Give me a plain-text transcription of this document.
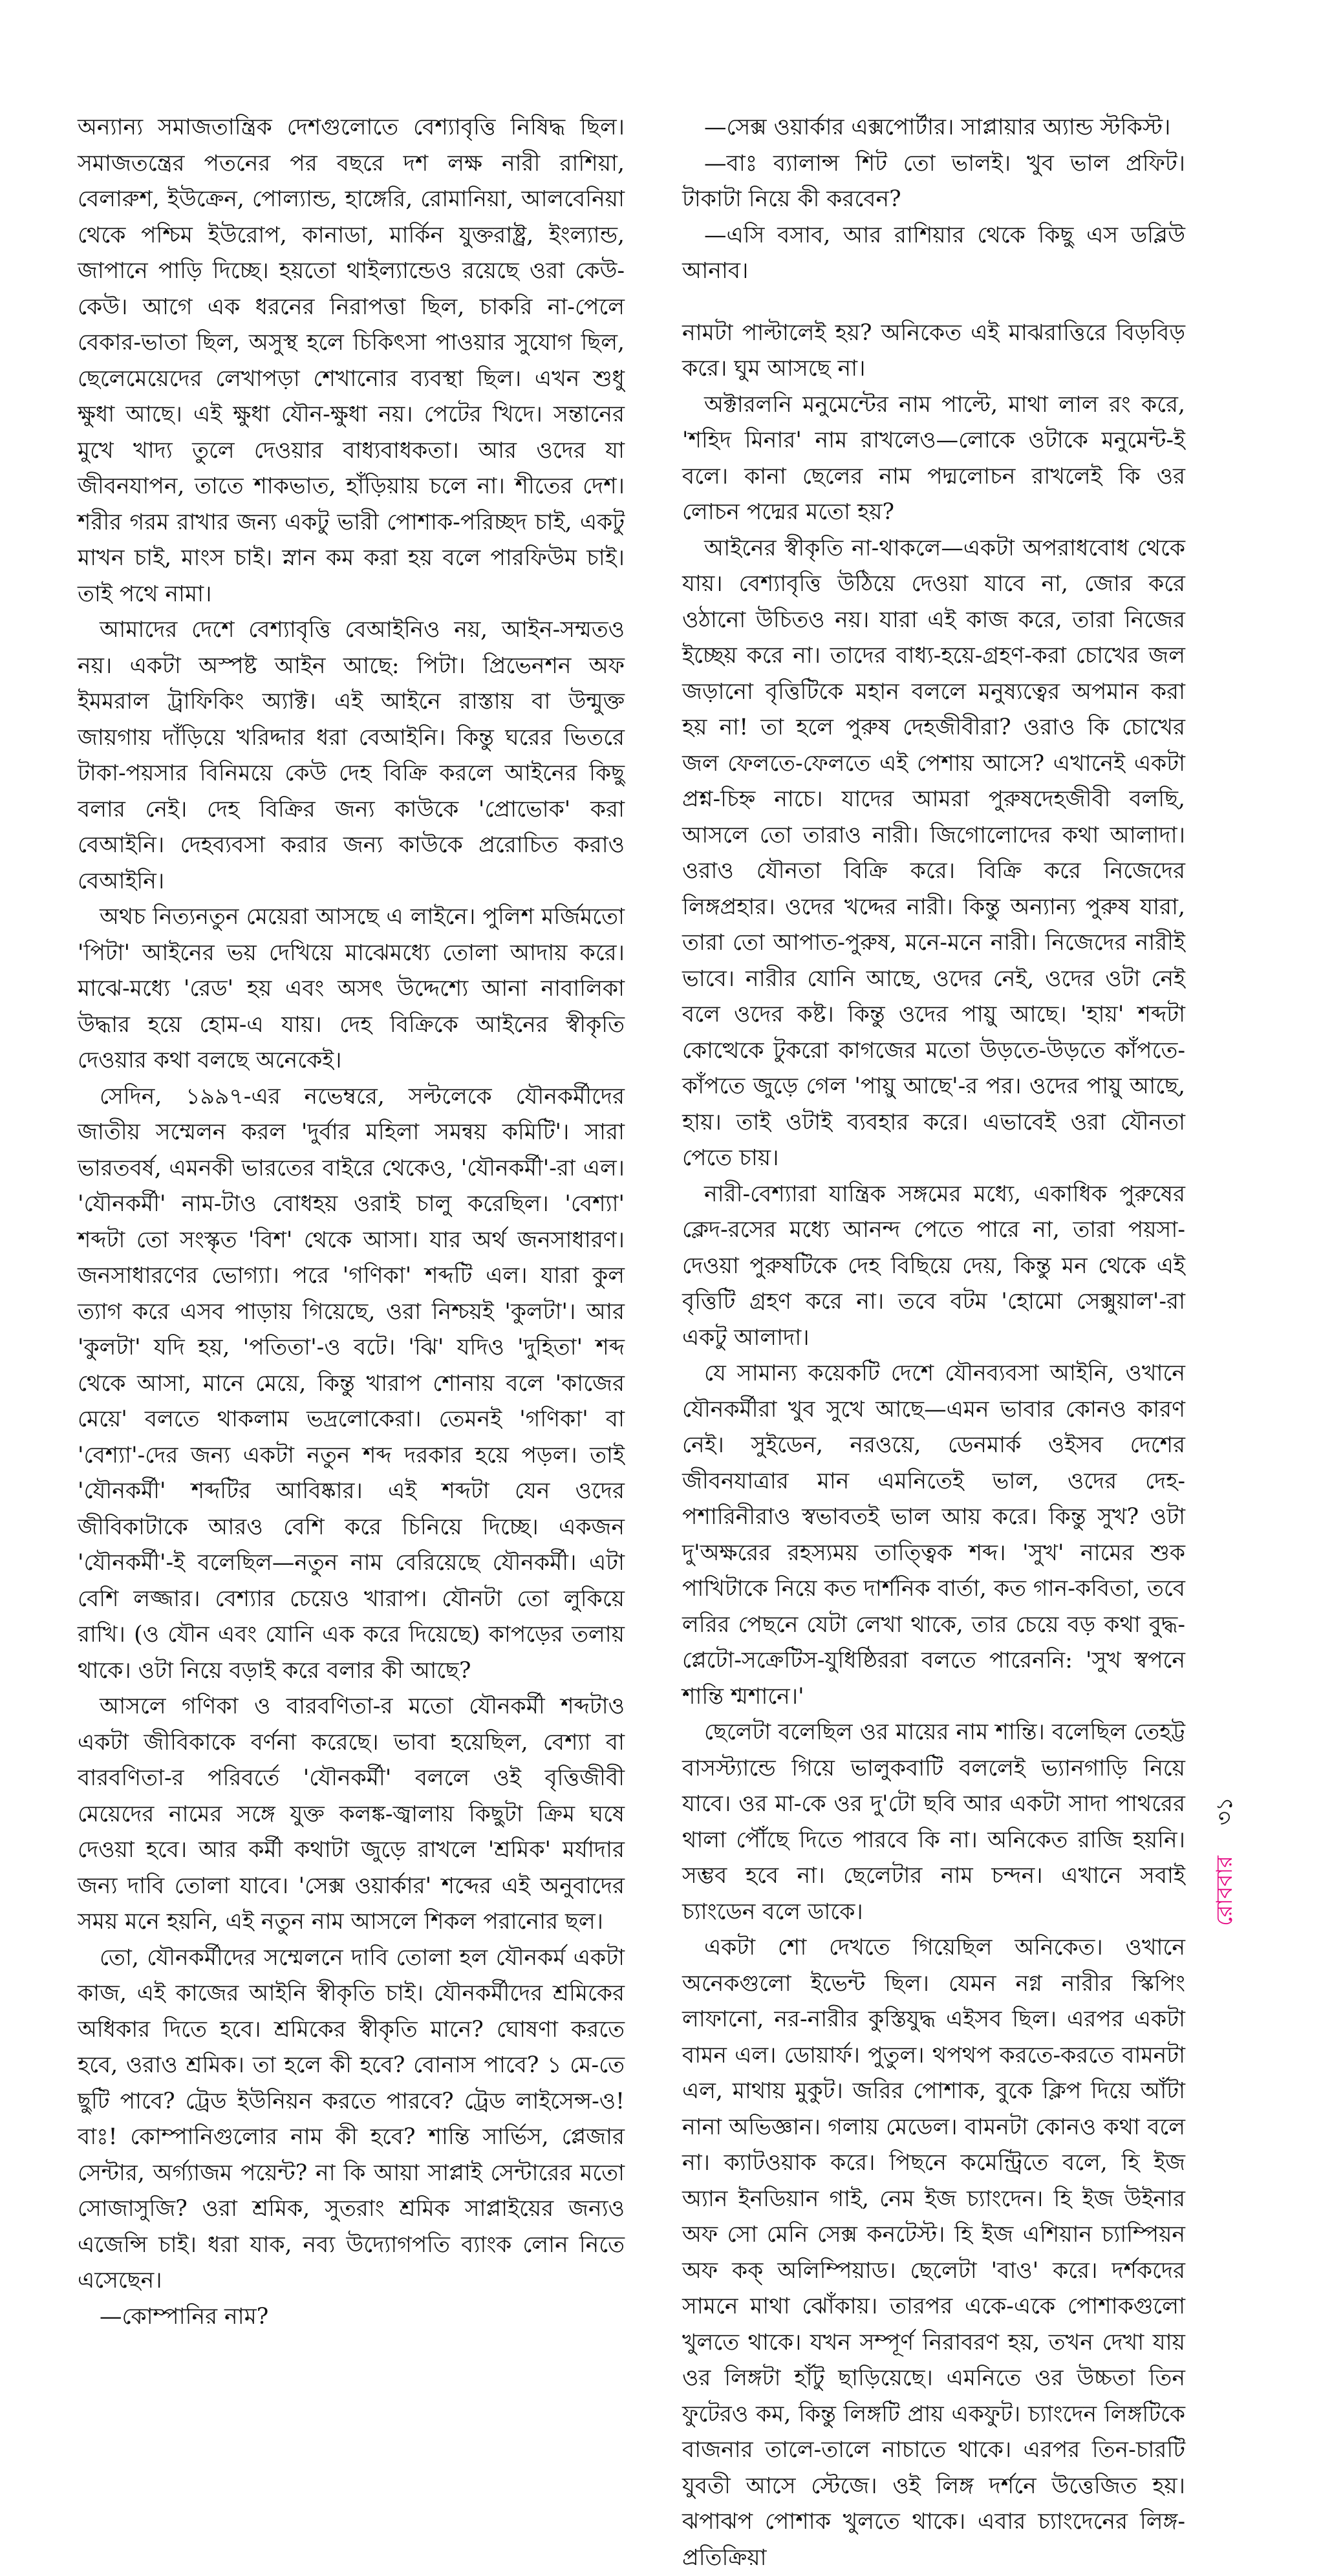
অন্যান্য সমাজতান্ত্রিক দেশগুলোতে বেশ্যাবৃত্তি নিষিদ্ধ ছিল। সমাজতন্ত্রের পতনের পর বছরে দশ লক্ষ নারী রাশিয়া, বেলারুশ, ইউক্রেন, পোল্যান্ড, হাঙ্গেরি, রোমানিয়া, আলবেনিয়া থেকে পশ্চিম ইউরোপ, কানাডা, মার্কিন যুক্তরাষ্ট্র, ইংল্যান্ড, জাপানে পাড়ি দিচ্ছে। হয়তো থাইল্যান্ডেও রয়েছে ওরা কেউ-কেউ। আগে এক ধরনের নিরাপত্তা ছিল, চাকরি না-পেলে বেকার-ভাতা ছিল, অসুস্থ হলে চিকিৎসা পাওয়ার সুযোগ ছিল, ছেলেমেয়েদের লেখাপড়া শেখানোর ব্যবস্থা ছিল। এখন শুধু ক্ষুধা আছে। এই ক্ষুধা যৌন-ক্ষুধা নয়। পেটের খিদে। সন্তানের মুখে খাদ্য তুলে দেওয়ার বাধ্যবাধকতা। আর ওদের যা জীবনযাপন, তাতে শাকভাত, হাঁড়িয়ায় চলে না। শীতের দেশ। শরীর গরম রাখার জন্য একটু ভারী পোশাক-পরিচ্ছদ চাই, একটু মাখন চাই, মাংস চাই। স্নান কম করা হয় বলে পারফিউম চাই। তাই পথে নামা।

আমাদের দেশে বেশ্যাবৃত্তি বেআইনিও নয়, আইন-সম্মতও নয়। একটা অস্পষ্ট আইন আছে: পিটা। প্রিভেনশন অফ ইমমরাল ট্রাফিকিং অ্যাক্ট। এই আইনে রাস্তায় বা উন্মুক্ত জায়গায় দাঁড়িয়ে খরিদ্দার ধরা বেআইনি। কিন্তু ঘরের ভিতরে টাকা-পয়সার বিনিময়ে কেউ দেহ বিক্রি করলে আইনের কিছু বলার নেই। দেহ বিক্রির জন্য কাউকে 'প্রোভোক' করা বেআইনি। দেহব্যবসা করার জন্য কাউকে প্ররোচিত করাও বেআইনি।

অথচ নিত্যনতুন মেয়েরা আসছে এ লাইনে। পুলিশ মর্জিমতো 'পিটা' আইনের ভয় দেখিয়ে মাঝেমধ্যে তোলা আদায় করে। মাঝে-মধ্যে 'রেড' হয় এবং অসৎ উদ্দেশ্যে আনা নাবালিকা উদ্ধার হয়ে হোম-এ যায়। দেহ বিক্রিকে আইনের স্বীকৃতি দেওয়ার কথা বলছে অনেকেই।

সেদিন, ১৯৯৭-এর নভেম্বরে, সল্টলেকে যৌনকর্মীদের জাতীয় সম্মেলন করল 'দুর্বার মহিলা সমন্বয় কমিটি'। সারা ভারতবর্ষ, এমনকী ভারতের বাইরে থেকেও, 'যৌনকর্মী'-রা এল। 'যৌনকর্মী' নাম-টাও বোধহয় ওরাই চালু করেছিল। 'বেশ্যা' শব্দটা তো সংস্কৃত 'বিশ' থেকে আসা। যার অর্থ জনসাধারণ। জনসাধারণের ভোগ্যা। পরে 'গণিকা' শব্দটি এল। যারা কুল ত্যাগ করে এসব পাড়ায় গিয়েছে, ওরা নিশ্চয়ই 'কুলটা'। আর 'কুলটা' যদি হয়, 'পতিতা'-ও বটে। 'ঝি' যদিও 'দুহিতা' শব্দ থেকে আসা, মানে মেয়ে, কিন্তু খারাপ শোনায় বলে 'কাজের মেয়ে' বলতে থাকলাম ভদ্রলোকেরা। তেমনই 'গণিকা' বা 'বেশ্যা'-দের জন্য একটা নতুন শব্দ দরকার হয়ে পড়ল। তাই 'যৌনকর্মী' শব্দটির আবিষ্কার। এই শব্দটা যেন ওদের জীবিকাটাকে আরও বেশি করে চিনিয়ে দিচ্ছে। একজন 'যৌনকর্মী'-ই বলেছিল—নতুন নাম বেরিয়েছে যৌনকর্মী। এটা বেশি লজ্জার। বেশ্যার চেয়েও খারাপ। যৌনটা তো লুকিয়ে রাখি। (ও যৌন এবং যোনি এক করে দিয়েছে) কাপড়ের তলায় থাকে। ওটা নিয়ে বড়াই করে বলার কী আছে?

আসলে গণিকা ও বারবণিতা-র মতো যৌনকর্মী শব্দটাও একটা জীবিকাকে বর্ণনা করেছে। ভাবা হয়েছিল, বেশ্যা বা বারবণিতা-র পরিবর্তে 'যৌনকর্মী' বললে ওই বৃত্তিজীবী মেয়েদের নামের সঙ্গে যুক্ত কলঙ্ক-জ্বালায় কিছুটা ক্রিম ঘষে দেওয়া হবে। আর কর্মী কথাটা জুড়ে রাখলে 'শ্রমিক' মর্যাদার জন্য দাবি তোলা যাবে। 'সেক্স ওয়ার্কার' শব্দের এই অনুবাদের সময় মনে হয়নি, এই নতুন নাম আসলে শিকল পরানোর ছল।

তো, যৌনকর্মীদের সম্মেলনে দাবি তোলা হল যৌনকর্ম একটা কাজ, এই কাজের আইনি স্বীকৃতি চাই। যৌনকর্মীদের শ্রমিকের অধিকার দিতে হবে। শ্রমিকের স্বীকৃতি মানে? ঘোষণা করতে হবে, ওরাও শ্রমিক। তা হলে কী হবে? বোনাস পাবে? ১ মে-তে ছুটি পাবে? ট্রেড ইউনিয়ন করতে পারবে? ট্রেড লাইসেন্স-ও! বাঃ! কোম্পানিগুলোর নাম কী হবে? শান্তি সার্ভিস, প্লেজার সেন্টার, অর্গ্যাজম পয়েন্ট? না কি আয়া সাপ্লাই সেন্টারের মতো সোজাসুজি? ওরা শ্রমিক, সুতরাং শ্রমিক সাপ্লাইয়ের জন্যও এজেন্সি চাই। ধরা যাক, নব্য উদ্যোগপতি ব্যাংক লোন নিতে এসেছেন।

—কোম্পানির নাম?

—সেক্স ওয়ার্কার এক্সপোর্টার। সাপ্লায়ার অ্যান্ড স্টকিস্ট।

—বাঃ ব্যালান্স শিট তো ভালই। খুব ভাল প্রফিট। টাকাটা নিয়ে কী করবেন?

—এসি বসাব, আর রাশিয়ার থেকে কিছু এস ডব্লিউ আনাব।

নামটা পাল্টালেই হয়? অনিকেত এই মাঝরাত্তিরে বিড়বিড় করে। ঘুম আসছে না।

অক্টারলনি মনুমেন্টের নাম পাল্টে, মাথা লাল রং করে, 'শহিদ মিনার' নাম রাখলেও—লোকে ওটাকে মনুমেন্ট-ই বলে। কানা ছেলের নাম পদ্মলোচন রাখলেই কি ওর লোচন পদ্মের মতো হয়?

আইনের স্বীকৃতি না-থাকলে—একটা অপরাধবোধ থেকে যায়। বেশ্যাবৃত্তি উঠিয়ে দেওয়া যাবে না, জোর করে ওঠানো উচিতও নয়। যারা এই কাজ করে, তারা নিজের ইচ্ছেয় করে না। তাদের বাধ্য-হয়ে-গ্রহণ-করা চোখের জল জড়ানো বৃত্তিটিকে মহান বললে মনুষ্যত্বের অপমান করা হয় না! তা হলে পুরুষ দেহজীবীরা? ওরাও কি চোখের জল ফেলতে-ফেলতে এই পেশায় আসে? এখানেই একটা প্রশ্ন-চিহ্ন নাচে। যাদের আমরা পুরুষদেহজীবী বলছি, আসলে তো তারাও নারী। জিগোলোদের কথা আলাদা। ওরাও যৌনতা বিক্রি করে। বিক্রি করে নিজেদের লিঙ্গপ্রহার। ওদের খদ্দের নারী। কিন্তু অন্যান্য পুরুষ যারা, তারা তো আপাত-পুরুষ, মনে-মনে নারী। নিজেদের নারীই ভাবে। নারীর যোনি আছে, ওদের নেই, ওদের ওটা নেই বলে ওদের কষ্ট। কিন্তু ওদের পায়ু আছে। 'হায়' শব্দটা কোত্থেকে টুকরো কাগজের মতো উড়তে-উড়তে কাঁপতে-কাঁপতে জুড়ে গেল 'পায়ু আছে'-র পর। ওদের পায়ু আছে, হায়। তাই ওটাই ব্যবহার করে। এভাবেই ওরা যৌনতা পেতে চায়।

নারী-বেশ্যারা যান্ত্রিক সঙ্গমের মধ্যে, একাধিক পুরুষের ক্লেদ-রসের মধ্যে আনন্দ পেতে পারে না, তারা পয়সা-দেওয়া পুরুষটিকে দেহ বিছিয়ে দেয়, কিন্তু মন থেকে এই বৃত্তিটি গ্রহণ করে না। তবে বটম 'হোমো সেক্সুয়াল'-রা একটু আলাদা।

যে সামান্য কয়েকটি দেশে যৌনব্যবসা আইনি, ওখানে যৌনকর্মীরা খুব সুখে আছে—এমন ভাবার কোনও কারণ নেই। সুইডেন, নরওয়ে, ডেনমার্ক ওইসব দেশের জীবনযাত্রার মান এমনিতেই ভাল, ওদের দেহ-পশারিনীরাও স্বভাবতই ভাল আয় করে। কিন্তু সুখ? ওটা দু'অক্ষরের রহস্যময় তাত্ত্বিক শব্দ। 'সুখ' নামের শুক পাখিটাকে নিয়ে কত দার্শনিক বার্তা, কত গান-কবিতা, তবে লরির পেছনে যেটা লেখা থাকে, তার চেয়ে বড় কথা বুদ্ধ-প্লেটো-সক্রেটিস-যুধিষ্ঠিররা বলতে পারেননি: 'সুখ স্বপনে শান্তি শ্মশানে।'

ছেলেটা বলেছিল ওর মায়ের নাম শান্তি। বলেছিল তেহট্ট বাসস্ট্যান্ডে গিয়ে ভালুকবাটি বললেই ভ্যানগাড়ি নিয়ে যাবে। ওর মা-কে ওর দু'টো ছবি আর একটা সাদা পাথরের থালা পৌঁছে দিতে পারবে কি না। অনিকেত রাজি হয়নি। সম্ভব হবে না। ছেলেটার নাম চন্দন। এখানে সবাই চ্যাংডেন বলে ডাকে।

একটা শো দেখতে গিয়েছিল অনিকেত। ওখানে অনেকগুলো ইভেন্ট ছিল। যেমন নগ্ন নারীর স্কিপিং লাফানো, নর-নারীর কুস্তিযুদ্ধ এইসব ছিল। এরপর একটা বামন এল। ডোয়ার্ফ। পুতুল। থপথপ করতে-করতে বামনটা এল, মাথায় মুকুট। জরির পোশাক, বুকে ক্লিপ দিয়ে আঁটা নানা অভিজ্ঞান। গলায় মেডেল। বামনটা কোনও কথা বলে না। ক্যাটওয়াক করে। পিছনে কমেন্ট্রিতে বলে, হি ইজ অ্যান ইনডিয়ান গাই, নেম ইজ চ্যাংদেন। হি ইজ উইনার অফ সো মেনি সেক্স কনটেস্ট। হি ইজ এশিয়ান চ্যাম্পিয়ন অফ কক্ অলিম্পিয়াড। ছেলেটা 'বাও' করে। দর্শকদের সামনে মাথা ঝোঁকায়। তারপর একে-একে পোশাকগুলো খুলতে থাকে। যখন সম্পূর্ণ নিরাবরণ হয়, তখন দেখা যায় ওর লিঙ্গটা হাঁটু ছাড়িয়েছে। এমনিতে ওর উচ্চতা তিন ফুটেরও কম, কিন্তু লিঙ্গটি প্রায় একফুট। চ্যাংদেন লিঙ্গটিকে বাজনার তালে-তালে নাচাতে থাকে। এরপর তিন-চারটি যুবতী আসে স্টেজে। ওই লিঙ্গ দর্শনে উত্তেজিত হয়। ঝপাঝপ পোশাক খুলতে থাকে। এবার চ্যাংদেনের লিঙ্গ-প্রতিক্রিয়া

রোববার ৩১
